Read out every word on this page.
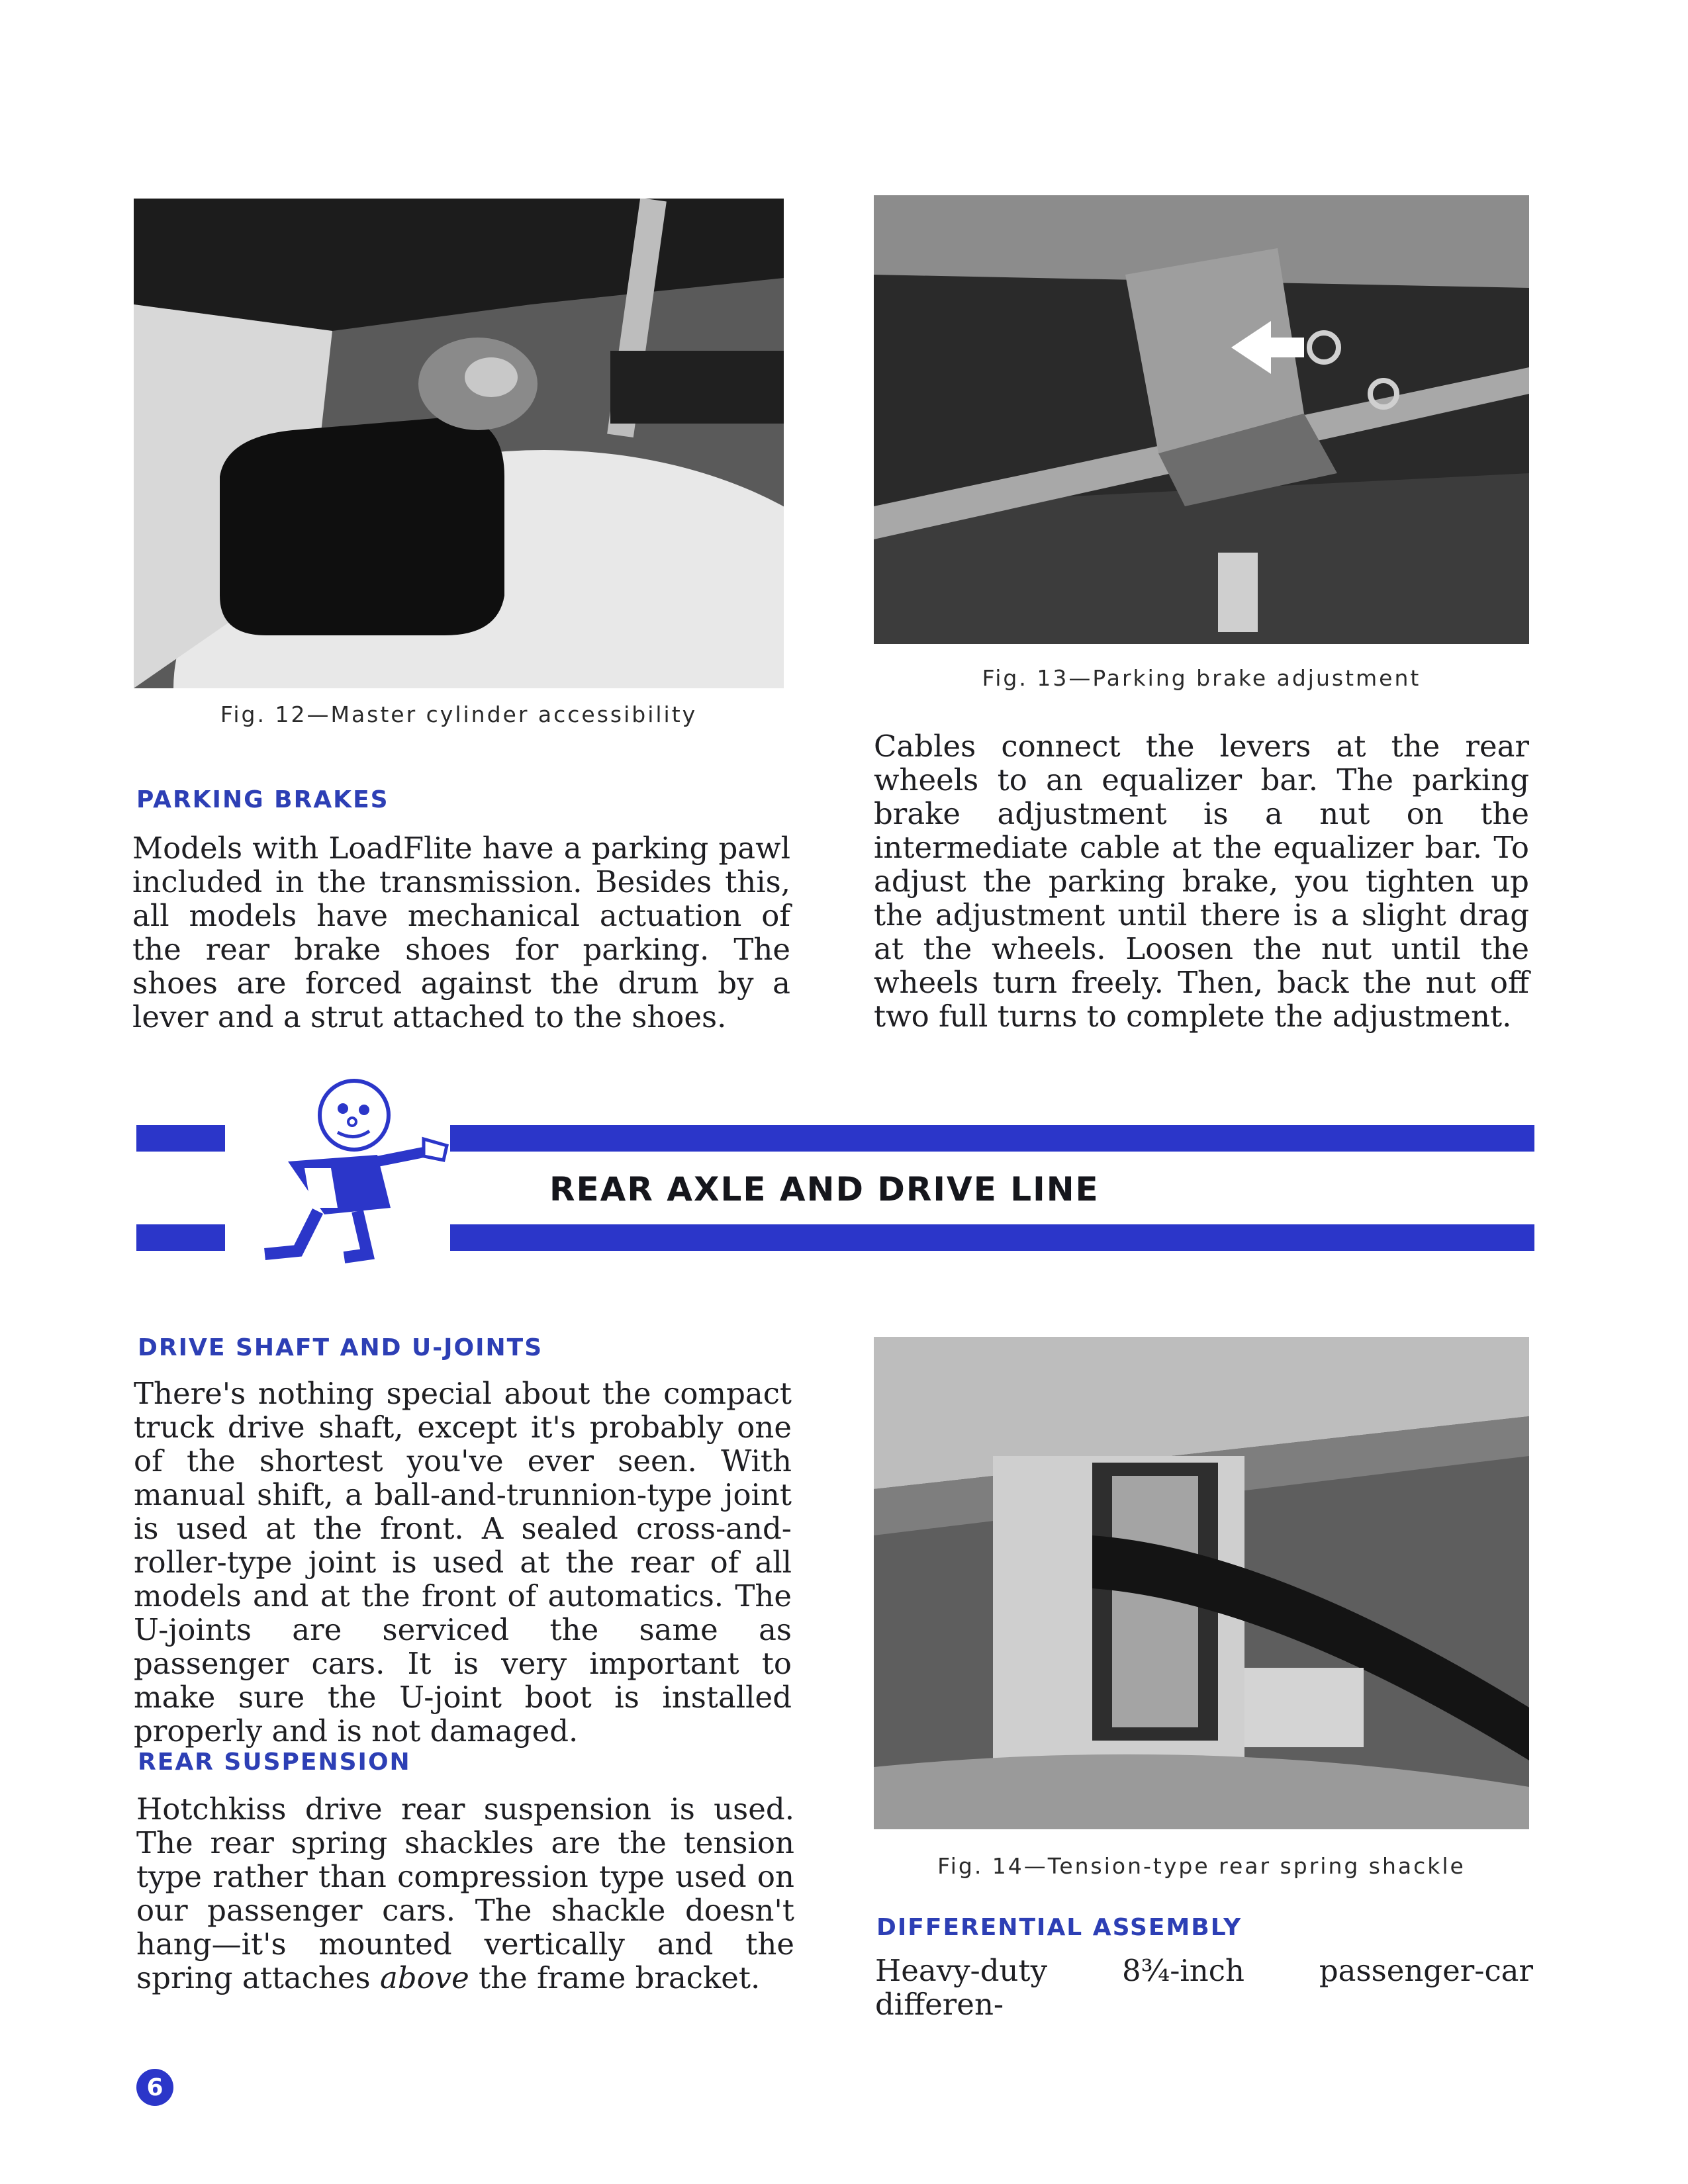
Fig. 12—Master cylinder accessibility
Fig. 13—Parking brake adjustment
PARKING BRAKES

Models with LoadFlite have a parking pawl included in the transmission. Besides this, all models have mechanical actuation of the rear brake shoes for parking. The shoes are forced against the drum by a lever and a strut attached to the shoes.

Cables connect the levers at the rear wheels to an equalizer bar. The parking brake adjustment is a nut on the intermediate cable at the equalizer bar. To adjust the parking brake, you tighten up the adjustment until there is a slight drag at the wheels. Loosen the nut until the wheels turn freely. Then, back the nut off two full turns to complete the adjustment.

REAR AXLE AND DRIVE LINE
DRIVE SHAFT AND U-JOINTS

There's nothing special about the compact truck drive shaft, except it's probably one of the shortest you've ever seen. With manual shift, a ball-and-trunnion-type joint is used at the front. A sealed cross-and-roller-type joint is used at the rear of all models and at the front of automatics. The U-joints are serviced the same as passenger cars. It is very important to make sure the U-joint boot is installed properly and is not damaged.

REAR SUSPENSION

Hotchkiss drive rear suspension is used. The rear spring shackles are the tension type rather than compression type used on our passenger cars. The shackle doesn't hang—it's mounted vertically and the spring attaches above the frame bracket.

Fig. 14—Tension-type rear spring shackle
DIFFERENTIAL ASSEMBLY

Heavy-duty 8¾-inch passenger-car differen-

6
